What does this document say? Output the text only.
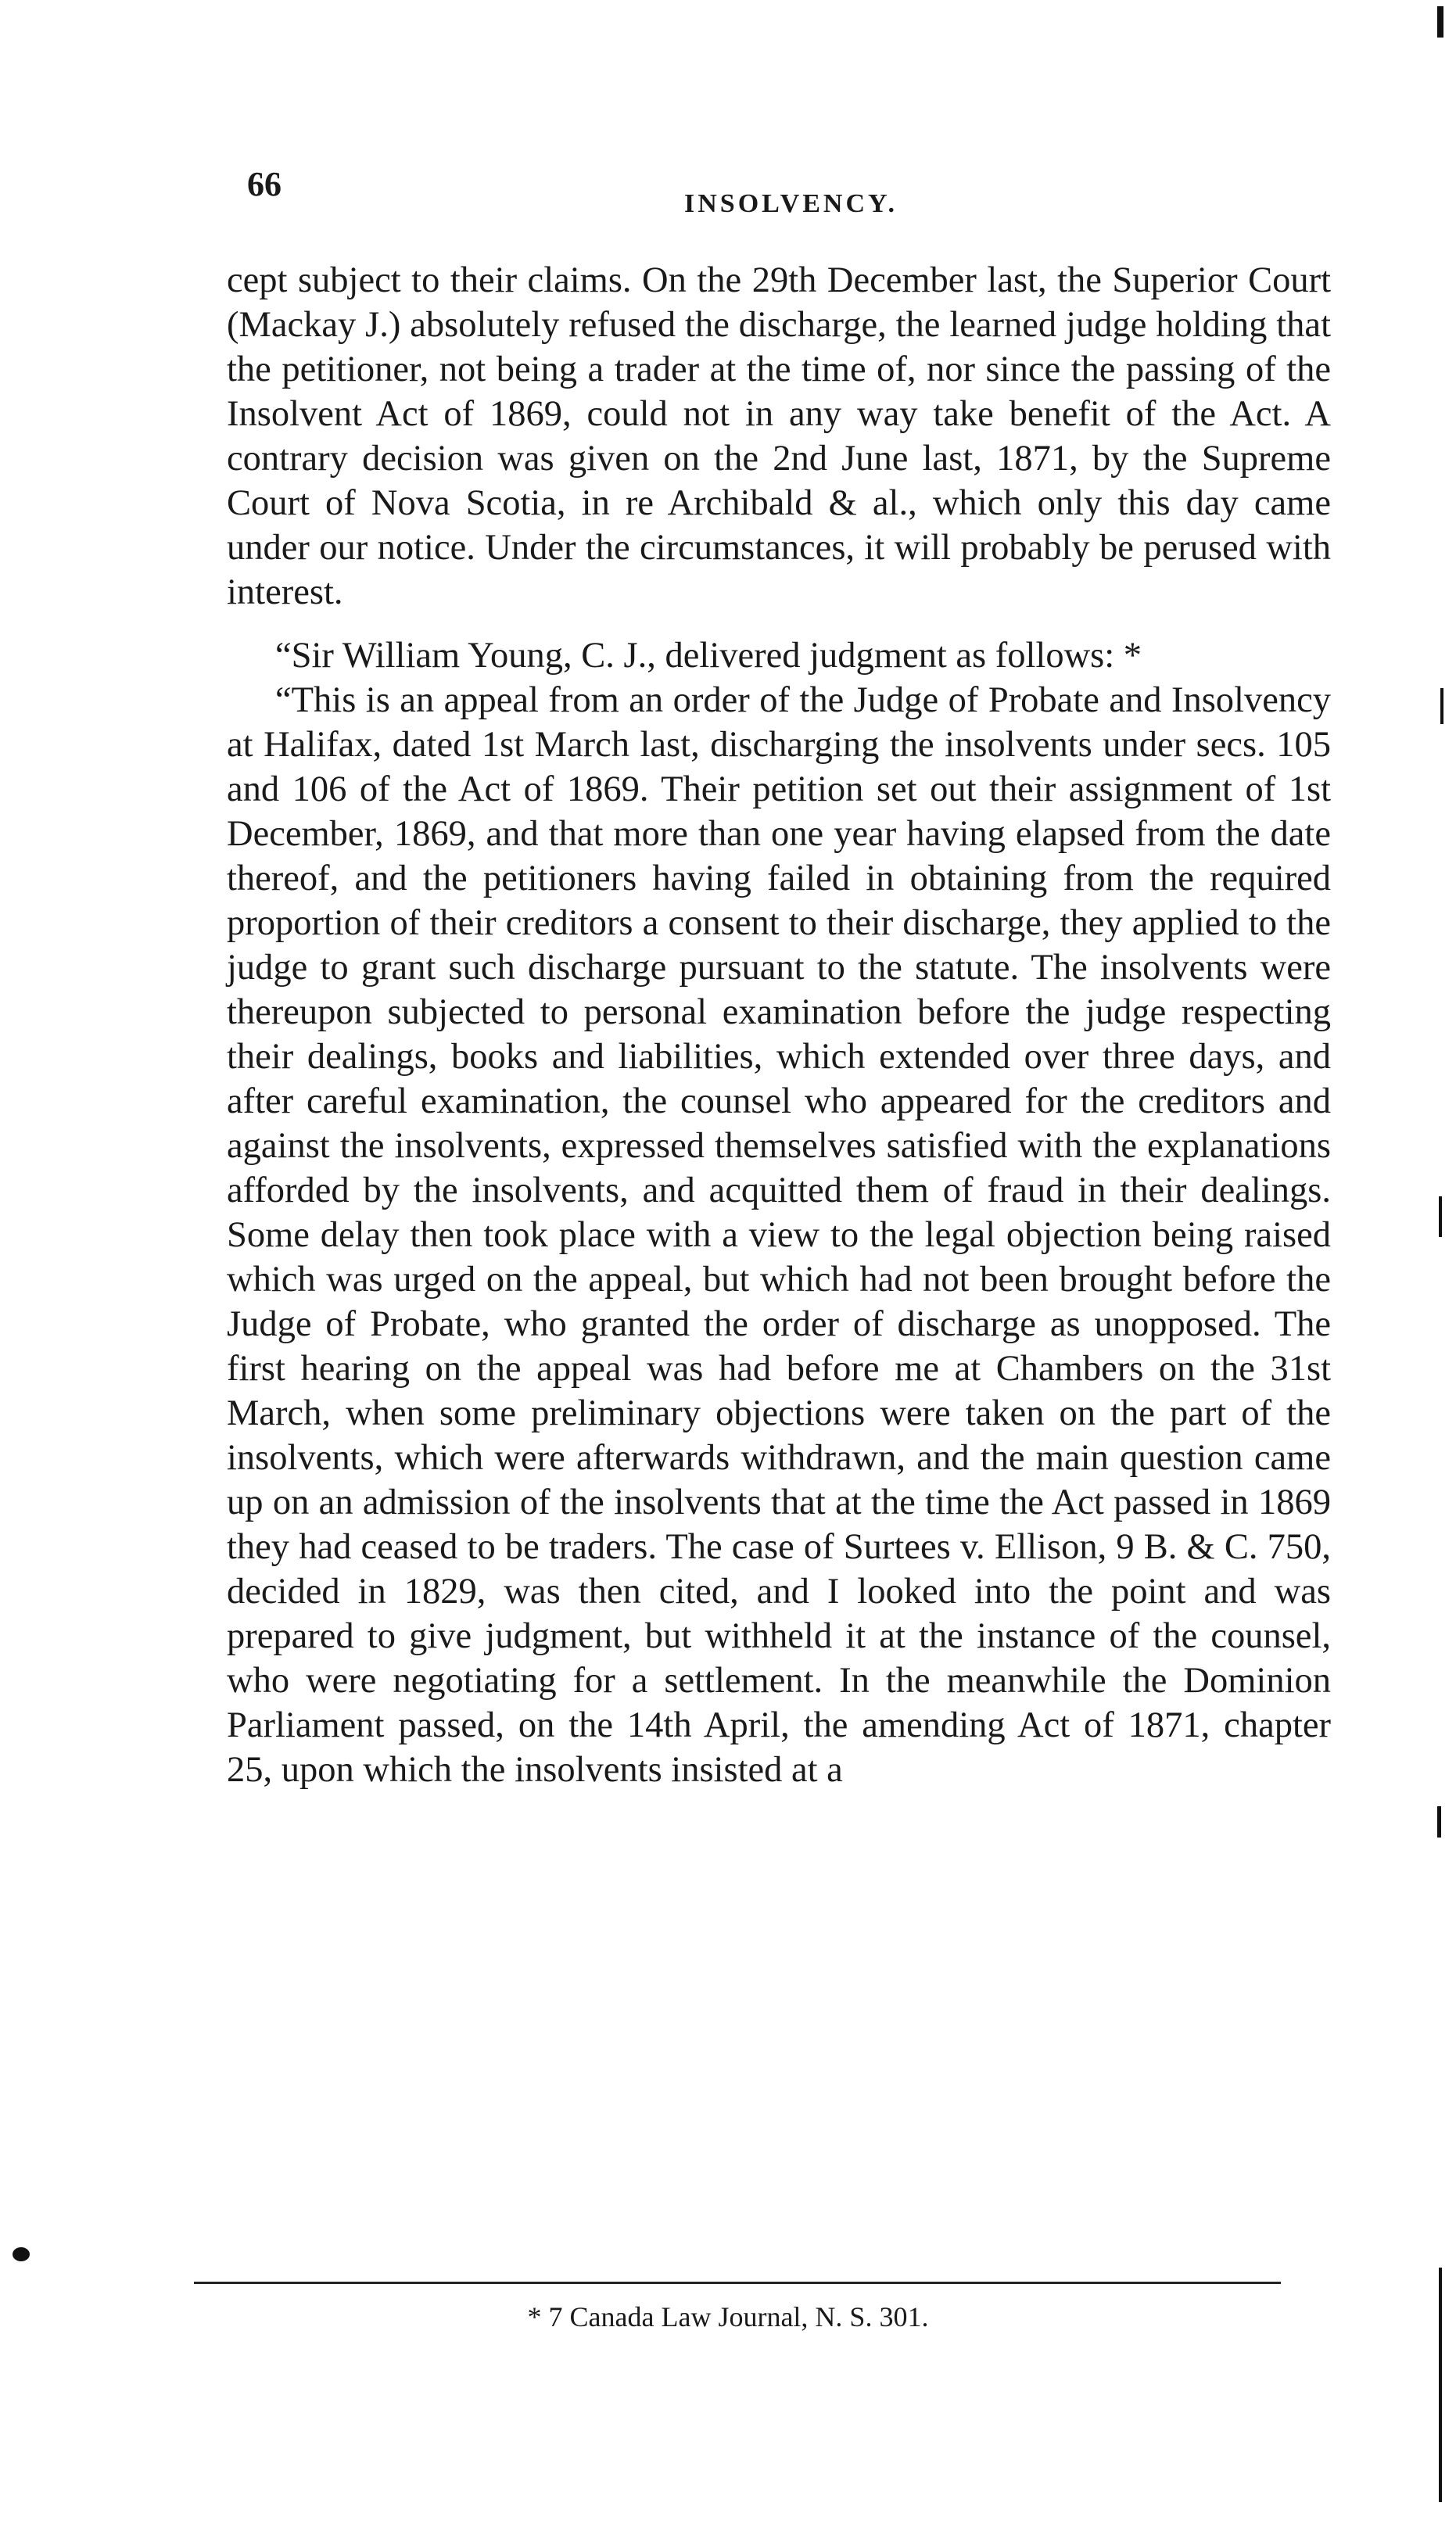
66
INSOLVENCY.

cept subject to their claims. On the 29th December last, the Superior Court (Mackay J.) absolutely refused the discharge, the learned judge holding that the petitioner, not being a trader at the time of, nor since the passing of the Insolvent Act of 1869, could not in any way take benefit of the Act. A contrary decision was given on the 2nd June last, 1871, by the Supreme Court of Nova Scotia, in re Archibald & al., which only this day came under our notice. Under the circumstances, it will probably be perused with interest.

“Sir William Young, C. J., delivered judgment as follows: *

“This is an appeal from an order of the Judge of Probate and Insolvency at Halifax, dated 1st March last, discharging the insolvents under secs. 105 and 106 of the Act of 1869. Their petition set out their assignment of 1st December, 1869, and that more than one year having elapsed from the date thereof, and the petitioners having failed in obtaining from the required proportion of their creditors a consent to their discharge, they applied to the judge to grant such discharge pursuant to the statute. The insolvents were thereupon subjected to personal examination before the judge respecting their dealings, books and liabilities, which extended over three days, and after careful examination, the counsel who appeared for the creditors and against the insolvents, expressed themselves satisfied with the explanations afforded by the insolvents, and acquitted them of fraud in their dealings. Some delay then took place with a view to the legal objection being raised which was urged on the appeal, but which had not been brought before the Judge of Probate, who granted the order of discharge as unopposed. The first hearing on the appeal was had before me at Chambers on the 31st March, when some preliminary objections were taken on the part of the insolvents, which were afterwards withdrawn, and the main question came up on an admission of the insolvents that at the time the Act passed in 1869 they had ceased to be traders. The case of Surtees v. Ellison, 9 B. & C. 750, decided in 1829, was then cited, and I looked into the point and was prepared to give judgment, but withheld it at the instance of the counsel, who were negotiating for a settlement. In the meanwhile the Dominion Parliament passed, on the 14th April, the amending Act of 1871, chapter 25, upon which the insolvents insisted at a

* 7 Canada Law Journal, N. S. 301.
